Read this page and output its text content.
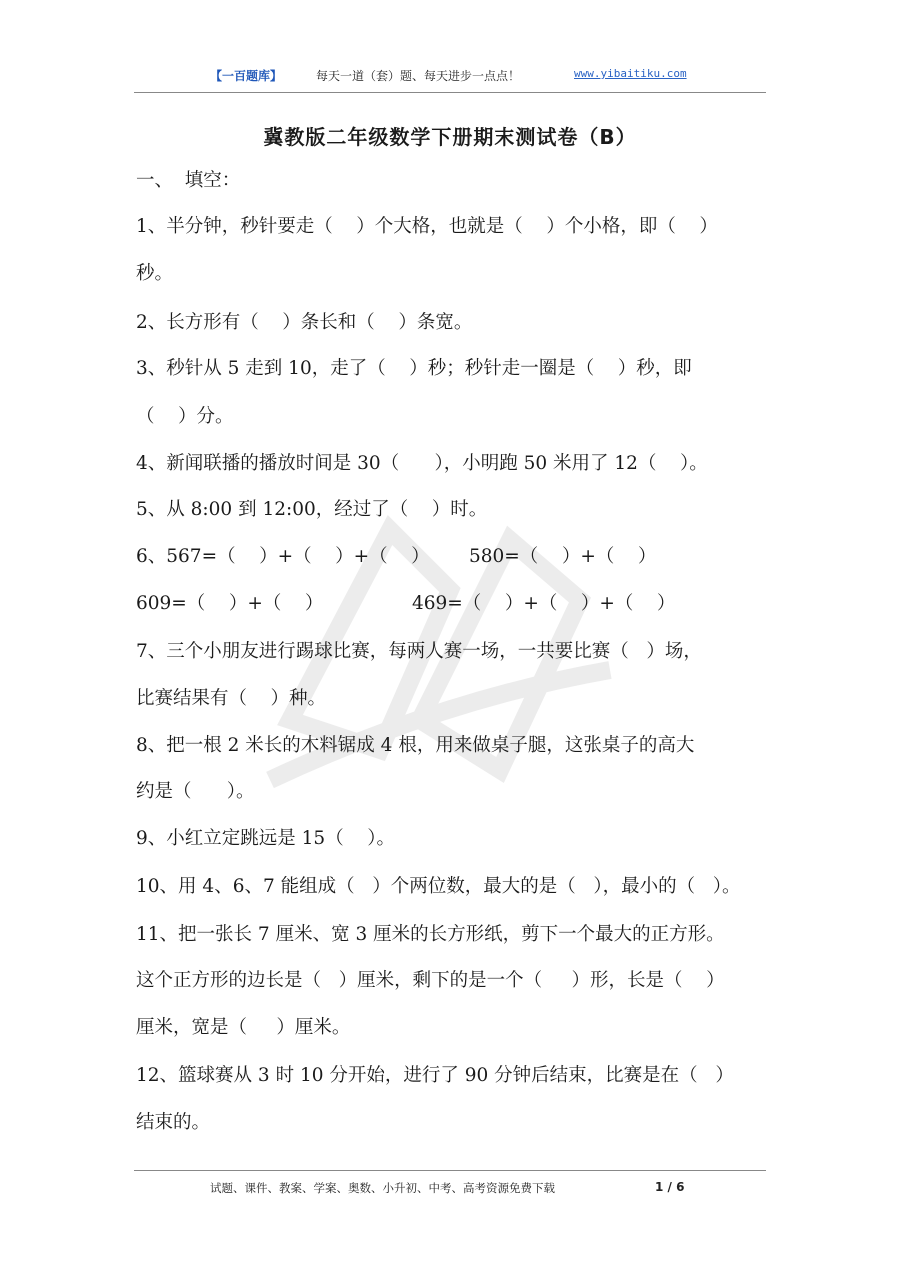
【一百题库】	每天一道（套）题、每天进步一点点！	www.yibaitiku.com
冀教版二年级数学下册期末测试卷（B）
一、  填空：
1、半分钟，秒针要走（    ）个大格，也就是（    ）个小格，即（    ）
秒。
2、长方形有（    ）条长和（    ）条宽。
3、秒针从 5 走到 10，走了（    ）秒；秒针走一圈是（    ）秒，即
（    ）分。
4、新闻联播的播放时间是 30（      ），小明跑 50 米用了 12（    ）。
5、从 8:00 到 12:00，经过了（    ）时。
6、567=（    ）+（    ）+（    ） 580=（    ）+（    ）
609=（    ）+（    ）	469=（    ）+（    ）+（    ）
7、三个小朋友进行踢球比赛，每两人赛一场，一共要比赛（   ）场，
比赛结果有（    ）种。
8、把一根 2 米长的木料锯成 4 根，用来做桌子腿，这张桌子的高大
约是（      ）。
9、小红立定跳远是 15（    ）。
10、用 4、6、7 能组成（   ）个两位数，最大的是（   ），最小的（   ）。
11、把一张长 7 厘米、宽 3 厘米的长方形纸，剪下一个最大的正方形。
这个正方形的边长是（   ）厘米，剩下的是一个（     ）形，长是（    ）
厘米，宽是（     ）厘米。
12、篮球赛从 3 时 10 分开始，进行了 90 分钟后结束，比赛是在（   ）
结束的。
试题、课件、教案、学案、奥数、小升初、中考、高考资源免费下载	1 / 6
